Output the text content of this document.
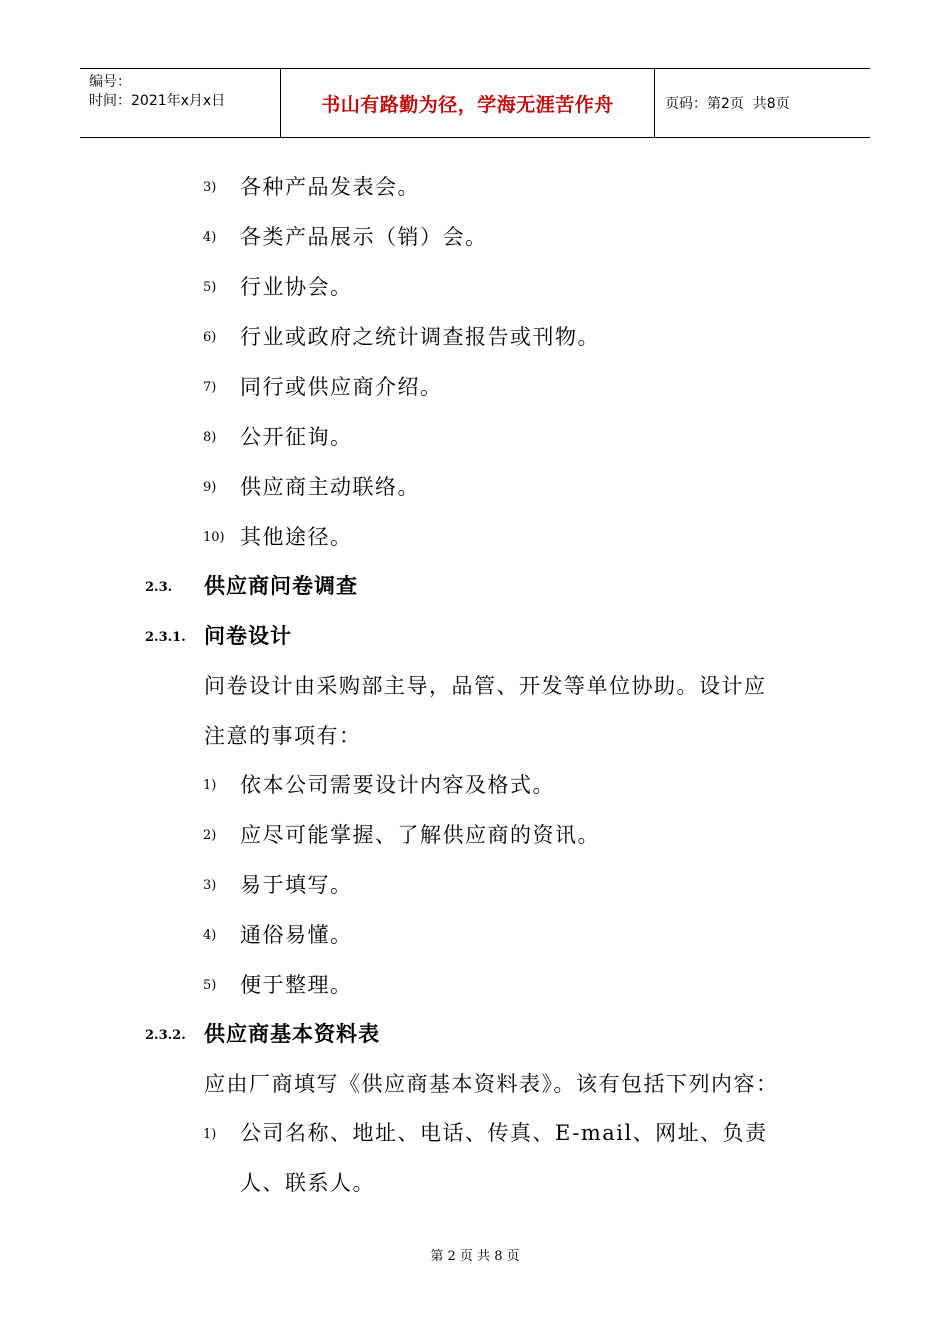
编号：
时间：2021年x月x日	书山有路勤为径，学海无涯苦作舟	页码：第2页  共8页
3) 各种产品发表会。
4) 各类产品展示（销）会。
5) 行业协会。
6) 行业或政府之统计调查报告或刊物。
7) 同行或供应商介绍。
8) 公开征询。
9) 供应商主动联络。
10) 其他途径。
2.3. 供应商问卷调查
2.3.1. 问卷设计
问卷设计由采购部主导，品管、开发等单位协助。设计应
注意的事项有：
1) 依本公司需要设计内容及格式。
2) 应尽可能掌握、了解供应商的资讯。
3) 易于填写。
4) 通俗易懂。
5) 便于整理。
2.3.2. 供应商基本资料表
应由厂商填写《供应商基本资料表》。该有包括下列内容：
1) 公司名称、地址、电话、传真、E-mail、网址、负责
人、联系人。
第 2 页 共 8 页
